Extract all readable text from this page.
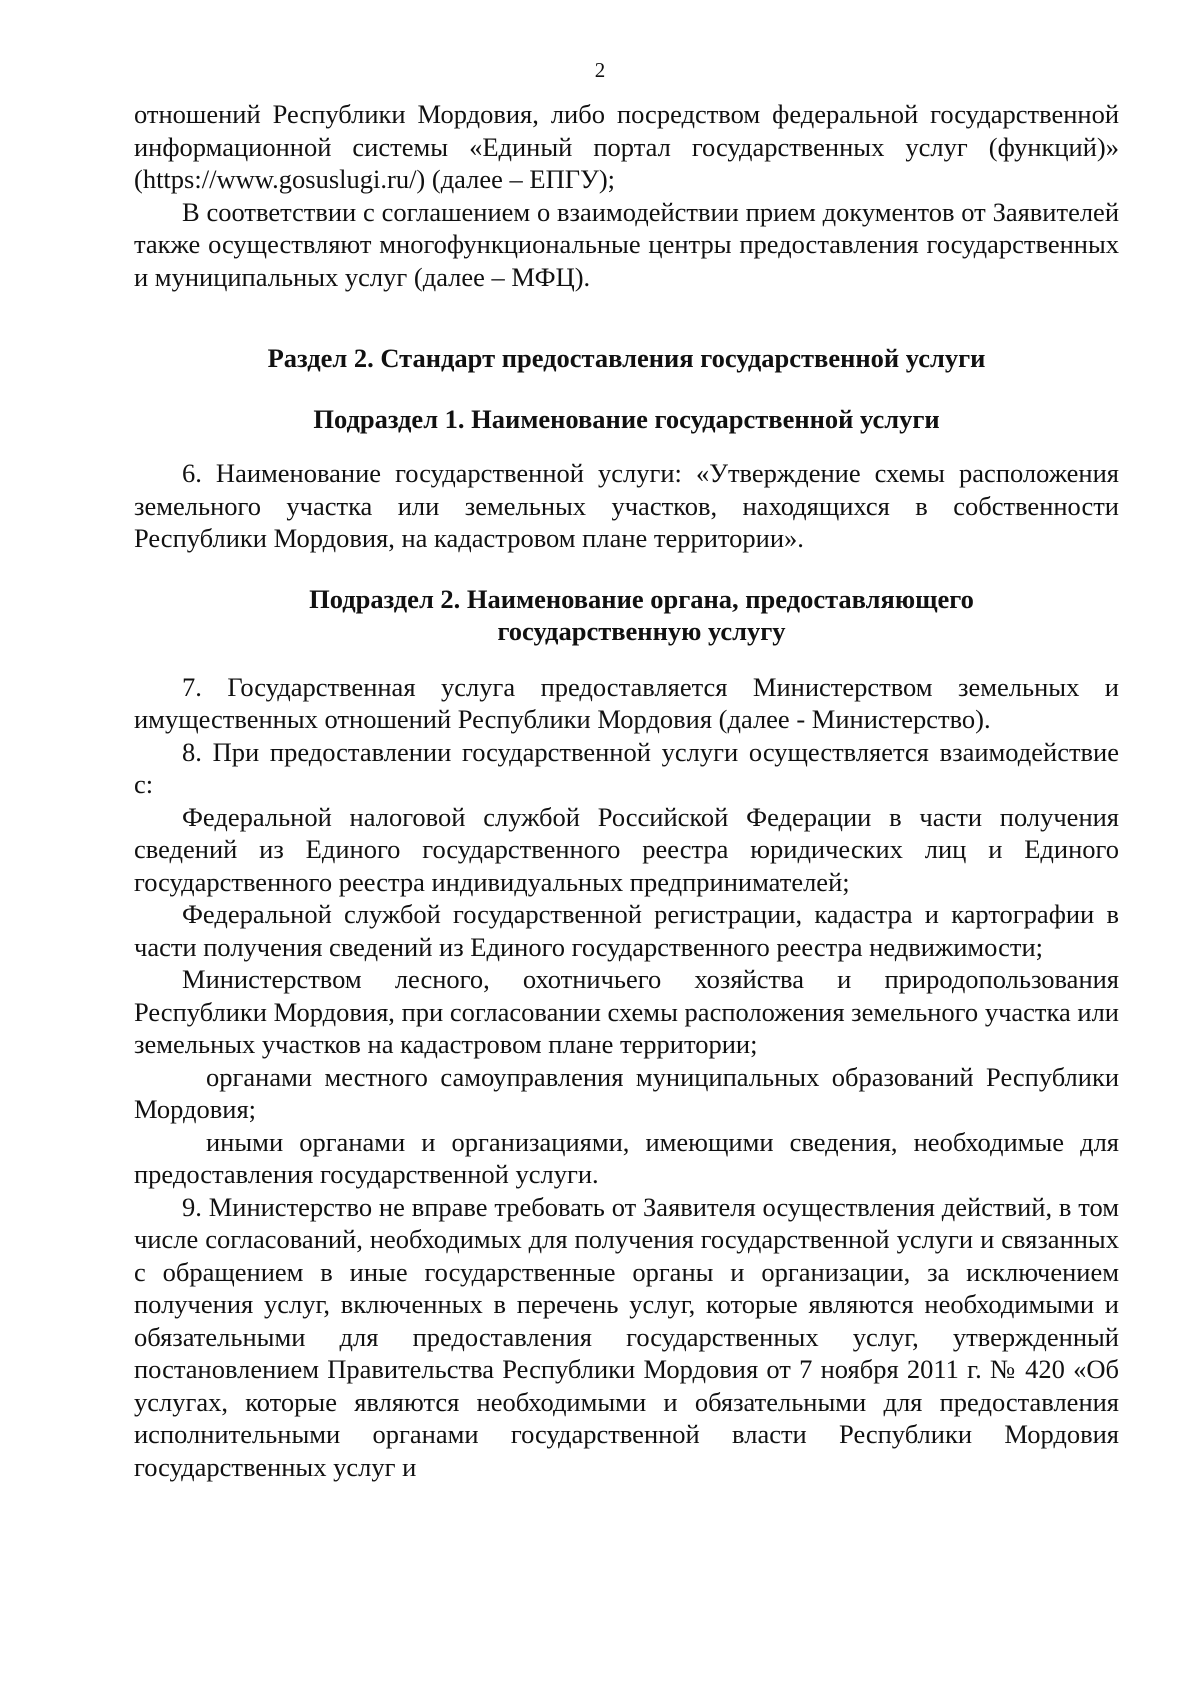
2

отношений Республики Мордовия, либо посредством федеральной государственной информационной системы «Единый портал государственных услуг (функций)» (https://www.gosuslugi.ru/) (далее – ЕПГУ);

В соответствии с соглашением о взаимодействии прием документов от Заявителей также осуществляют многофункциональные центры предоставления государственных и муниципальных услуг (далее – МФЦ).

Раздел 2. Стандарт предоставления государственной услуги

Подраздел 1. Наименование государственной услуги

6. Наименование государственной услуги: «Утверждение схемы расположения земельного участка или земельных участков, находящихся в собственности Республики Мордовия, на кадастровом плане территории».

Подраздел 2. Наименование органа, предоставляющего
государственную услугу

7. Государственная услуга предоставляется Министерством земельных и имущественных отношений Республики Мордовия (далее - Министерство).

8. При предоставлении государственной услуги осуществляется взаимодействие с:

Федеральной налоговой службой Российской Федерации в части получения сведений из Единого государственного реестра юридических лиц и Единого государственного реестра индивидуальных предпринимателей;

Федеральной службой государственной регистрации, кадастра и картографии в части получения сведений из Единого государственного реестра недвижимости;

Министерством лесного, охотничьего хозяйства и природопользования Республики Мордовия, при согласовании схемы расположения земельного участка или земельных участков на кадастровом плане территории;

органами местного самоуправления муниципальных образований Республики Мордовия;

иными органами и организациями, имеющими сведения, необходимые для предоставления государственной услуги.

9. Министерство не вправе требовать от Заявителя осуществления действий, в том числе согласований, необходимых для получения государственной услуги и связанных с обращением в иные государственные органы и организации, за исключением получения услуг, включенных в перечень услуг, которые являются необходимыми и обязательными для предоставления государственных услуг, утвержденный постановлением Правительства Республики Мордовия от 7 ноября 2011 г. № 420 «Об услугах, которые являются необходимыми и обязательными для предоставления исполнительными органами государственной власти Республики Мордовия государственных услуг и
